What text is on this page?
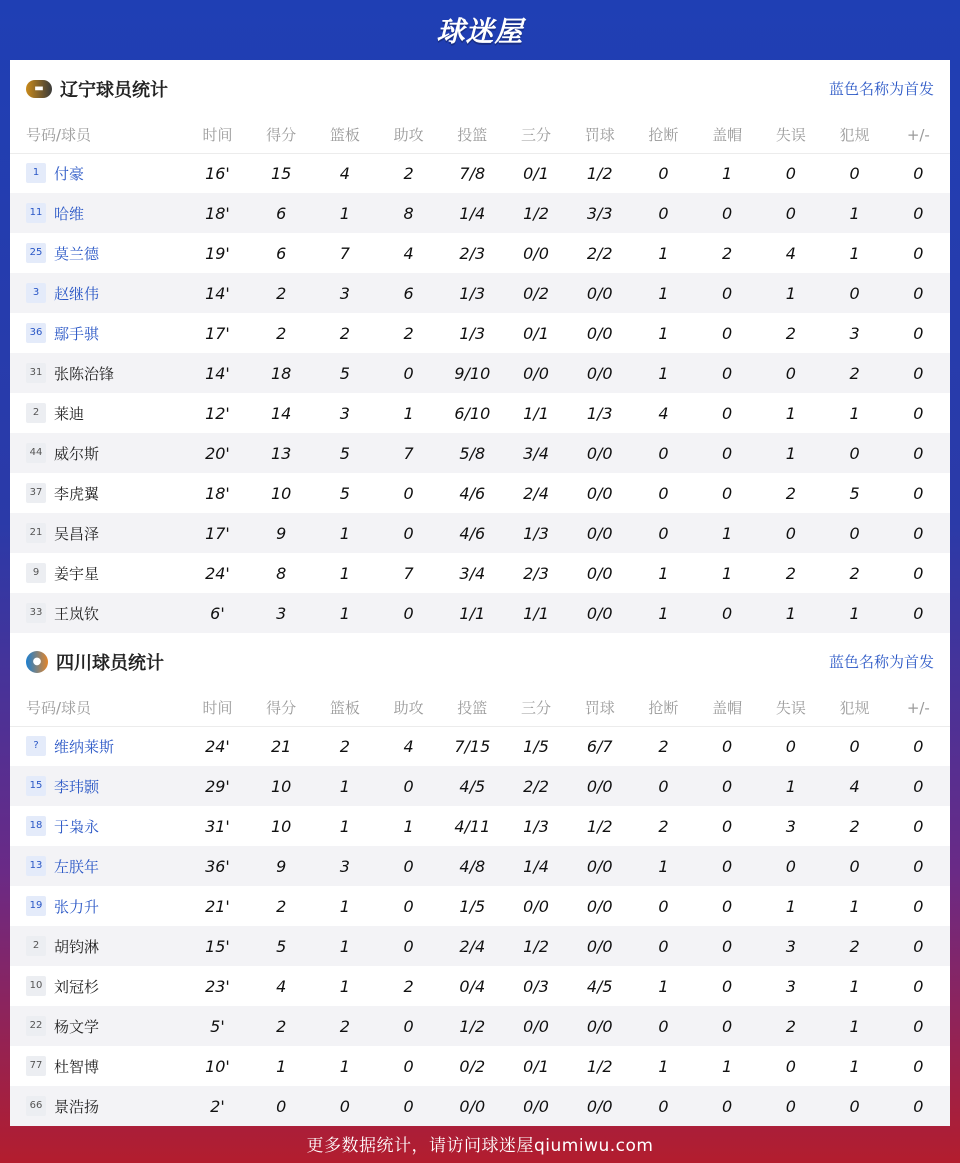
球迷屋
▬ 辽宁球员统计	蓝色名称为首发
号码/球员	时间	得分	篮板	助攻	投篮	三分	罚球	抢断	盖帽	失误	犯规	+/-
1 付豪	16'	15	4	2	7/8	0/1	1/2	0	1	0	0	0
11 哈维	18'	6	1	8	1/4	1/2	3/3	0	0	0	1	0
25 莫兰德	19'	6	7	4	2/3	0/0	2/2	1	2	4	1	0
3 赵继伟	14'	2	3	6	1/3	0/2	0/0	1	0	1	0	0
36 鄢手骐	17'	2	2	2	1/3	0/1	0/0	1	0	2	3	0
31 张陈治锋	14'	18	5	0	9/10	0/0	0/0	1	0	0	2	0
2 莱迪	12'	14	3	1	6/10	1/1	1/3	4	0	1	1	0
44 威尔斯	20'	13	5	7	5/8	3/4	0/0	0	0	1	0	0
37 李虎翼	18'	10	5	0	4/6	2/4	0/0	0	0	2	5	0
21 吴昌泽	17'	9	1	0	4/6	1/3	0/0	0	1	0	0	0
9 姜宇星	24'	8	1	7	3/4	2/3	0/0	1	1	2	2	0
33 王岚钦	6'	3	1	0	1/1	1/1	0/0	1	0	1	1	0
● 四川球员统计	蓝色名称为首发
号码/球员	时间	得分	篮板	助攻	投篮	三分	罚球	抢断	盖帽	失误	犯规	+/-
? 维纳莱斯	24'	21	2	4	7/15	1/5	6/7	2	0	0	0	0
15 李玮颢	29'	10	1	0	4/5	2/2	0/0	0	0	1	4	0
18 于枭永	31'	10	1	1	4/11	1/3	1/2	2	0	3	2	0
13 左朕年	36'	9	3	0	4/8	1/4	0/0	1	0	0	0	0
19 张力升	21'	2	1	0	1/5	0/0	0/0	0	0	1	1	0
2 胡钧淋	15'	5	1	0	2/4	1/2	0/0	0	0	3	2	0
10 刘冠杉	23'	4	1	2	0/4	0/3	4/5	1	0	3	1	0
22 杨文学	5'	2	2	0	1/2	0/0	0/0	0	0	2	1	0
77 杜智博	10'	1	1	0	0/2	0/1	1/2	1	1	0	1	0
66 景浩扬	2'	0	0	0	0/0	0/0	0/0	0	0	0	0	0
更多数据统计，请访问球迷屋qiumiwu.com
